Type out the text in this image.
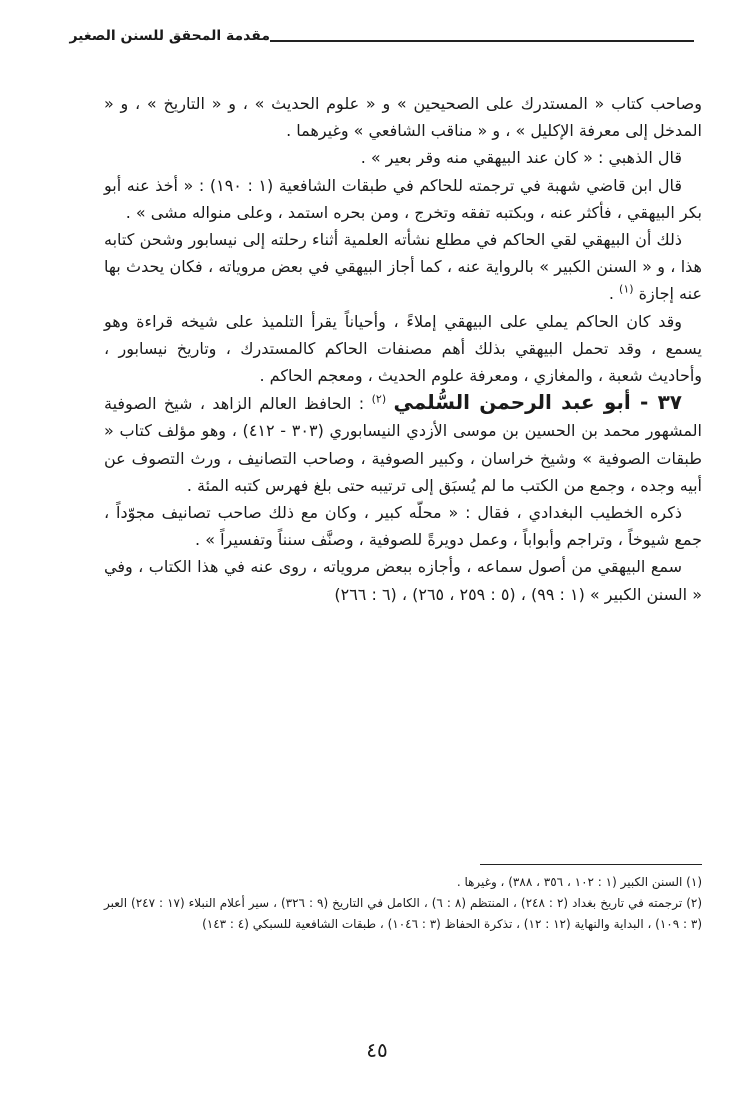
مقدمة المحقق للسنن الصغير

وصاحب كتاب « المستدرك على الصحيحين » و « علوم الحديث » ، و « التاريخ » ، و « المدخل إلى معرفة الإكليل » ، و « مناقب الشافعي » وغيرهما .

قال الذهبي : « كان عند البيهقي منه وقر بعير » .

قال ابن قاضي شهبة في ترجمته للحاكم في طبقات الشافعية (١ : ١٩٠) : « أخذ عنه أبو بكر البيهقي ، فأكثر عنه ، وبكتبه تفقه وتخرج ، ومن بحره استمد ، وعلى منواله مشى » .

ذلك أن البيهقي لقي الحاكم في مطلع نشأته العلمية أثناء رحلته إلى نيسابور وشحن كتابه هذا ، و « السنن الكبير » بالرواية عنه ، كما أجاز البيهقي في بعض مروياته ، فكان يحدث بها عنه إجازة $^{(١)}$ .

وقد كان الحاكم يملي على البيهقي إملاءً ، وأحياناً يقرأ التلميذ على شيخه قراءة وهو يسمع ، وقد تحمل البيهقي بذلك أهم مصنفات الحاكم كالمستدرك ، وتاريخ نيسابور ، وأحاديث شعبة ، والمغازي ، ومعرفة علوم الحديث ، ومعجم الحاكم .

٣٧ - أبو عبد الرحمن السُّلمي $^{(٢)}$ : الحافظ العالم الزاهد ، شيخ الصوفية المشهور محمد بن الحسين بن موسى الأزدي النيسابوري (٣٠٣ - ٤١٢) ، وهو مؤلف كتاب « طبقات الصوفية » وشيخ خراسان ، وكبير الصوفية ، وصاحب التصانيف ، ورث التصوف عن أبيه وجده ، وجمع من الكتب ما لم يُسبَق إلى ترتيبه حتى بلغ فهرس كتبه المئة .

ذكره الخطيب البغدادي ، فقال : « محلّه كبير ، وكان مع ذلك صاحب تصانيف مجوّداً ، جمع شيوخاً ، وتراجم وأبواباً ، وعمل دويرةً للصوفية ، وصنَّف سنناً وتفسيراً » .

سمع البيهقي من أصول سماعه ، وأجازه ببعض مروياته ، روى عنه في هذا الكتاب ، وفي « السنن الكبير » (١ : ٩٩) ، (٥ : ٢٥٩ ، ٢٦٥) ، (٦ : ٢٦٦)

(١) السنن الكبير (١ : ١٠٢ ، ٣٥٦ ، ٣٨٨) ، وغيرها .

(٢) ترجمته في تاريخ بغداد (٢ : ٢٤٨) ، المنتظم (٨ : ٦) ، الكامل في التاريخ (٩ : ٣٢٦) ، سير أعلام النبلاء (١٧ : ٢٤٧) العبر (٣ : ١٠٩) ، البداية والنهاية (١٢ : ١٢) ، تذكرة الحفاظ (٣ : ١٠٤٦) ، طبقات الشافعية للسبكي (٤ : ١٤٣)

٤٥
